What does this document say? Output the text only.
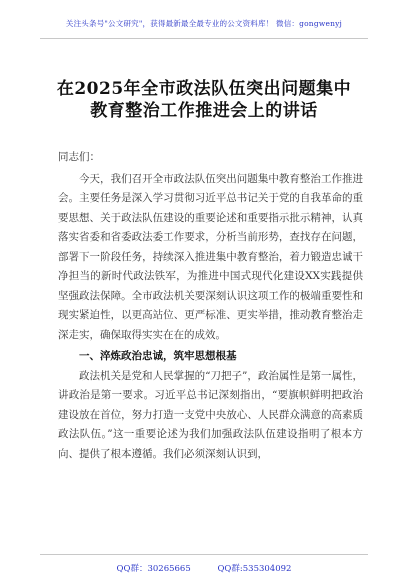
关注头条号"公文研究"，获得最新最全最专业的公文资料库！ 微信：gongwenyj
在2025年全市政法队伍突出问题集中
教育整治工作推进会上的讲话

同志们：

今天，我们召开全市政法队伍突出问题集中教育整治工作推进会。主要任务是深入学习贯彻习近平总书记关于党的自我革命的重要思想、关于政法队伍建设的重要论述和重要指示批示精神，认真落实省委和省委政法委工作要求，分析当前形势，查找存在问题，部署下一阶段任务，持续深入推进集中教育整治，着力锻造忠诚干净担当的新时代政法铁军，为推进中国式现代化建设XX实践提供坚强政法保障。全市政法机关要深刻认识这项工作的极端重要性和现实紧迫性，以更高站位、更严标准、更实举措，推动教育整治走深走实，确保取得实实在在的成效。

一、淬炼政治忠诚，筑牢思想根基

政法机关是党和人民掌握的“刀把子”，政治属性是第一属性，讲政治是第一要求。习近平总书记深刻指出，“要旗帜鲜明把政治建设放在首位，努力打造一支党中央放心、人民群众满意的高素质政法队伍。”这一重要论述为我们加强政法队伍建设指明了根本方向、提供了根本遵循。我们必须深刻认识到，

QQ群：30265665	QQ群:535304092
